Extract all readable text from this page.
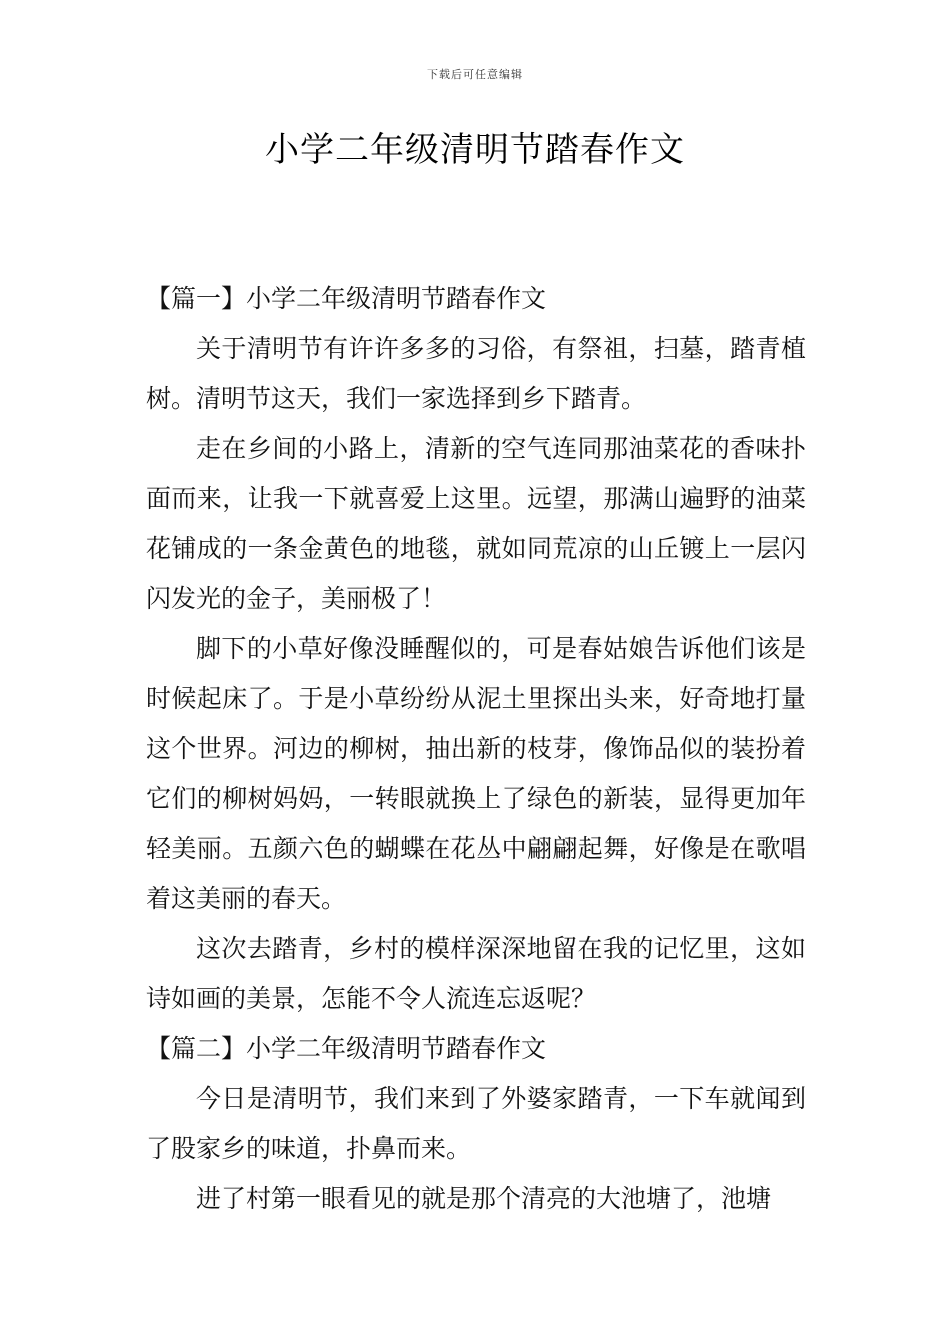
下载后可任意编辑
小学二年级清明节踏春作文

【篇一】小学二年级清明节踏春作文

关于清明节有许许多多的习俗，有祭祖，扫墓，踏青植树。清明节这天，我们一家选择到乡下踏青。

走在乡间的小路上，清新的空气连同那油菜花的香味扑面而来，让我一下就喜爱上这里。远望，那满山遍野的油菜花铺成的一条金黄色的地毯，就如同荒凉的山丘镀上一层闪闪发光的金子，美丽极了！

脚下的小草好像没睡醒似的，可是春姑娘告诉他们该是时候起床了。于是小草纷纷从泥土里探出头来，好奇地打量这个世界。河边的柳树，抽出新的枝芽，像饰品似的装扮着它们的柳树妈妈，一转眼就换上了绿色的新装，显得更加年轻美丽。五颜六色的蝴蝶在花丛中翩翩起舞，好像是在歌唱着这美丽的春天。

这次去踏青，乡村的模样深深地留在我的记忆里，这如诗如画的美景，怎能不令人流连忘返呢？

【篇二】小学二年级清明节踏春作文

今日是清明节，我们来到了外婆家踏青，一下车就闻到了股家乡的味道，扑鼻而来。

进了村第一眼看见的就是那个清亮的大池塘了，池塘
